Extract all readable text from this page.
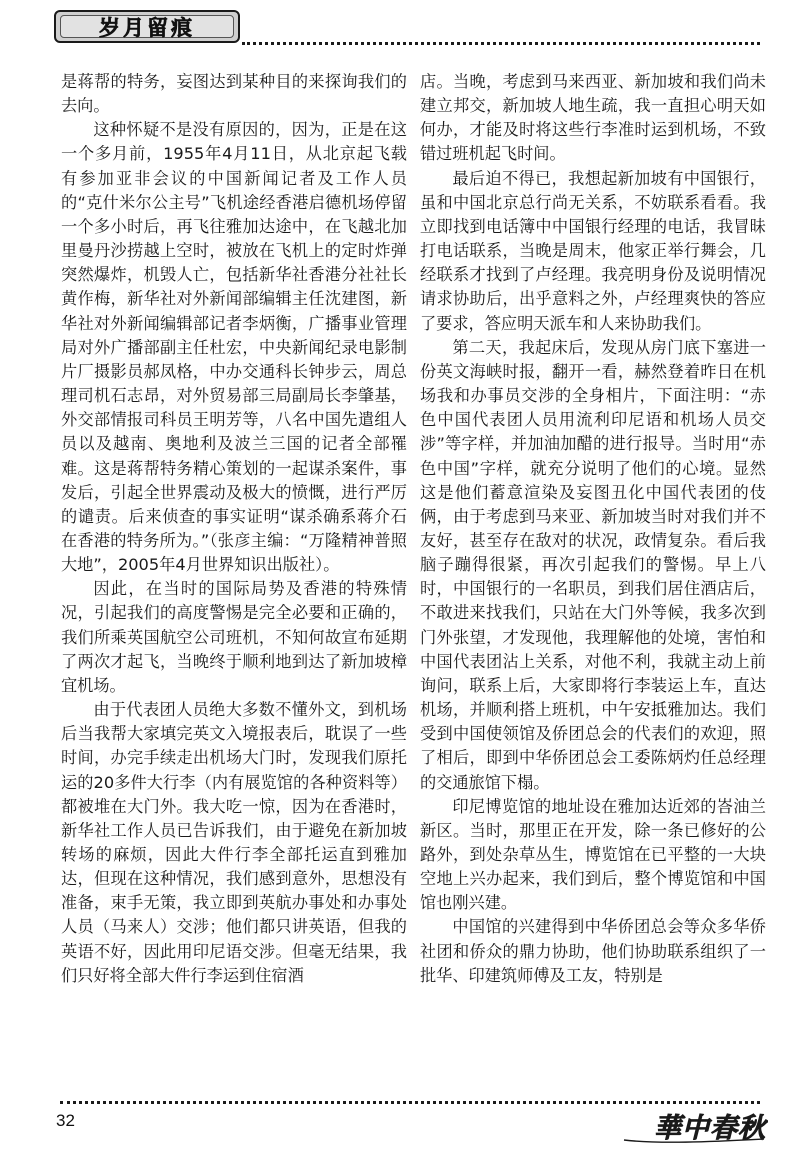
岁月留痕

是蒋帮的特务，妄图达到某种目的来探询我们的去向。

这种怀疑不是没有原因的，因为，正是在这一个多月前，1955年4月11日，从北京起飞载有参加亚非会议的中国新闻记者及工作人员的“克什米尔公主号”飞机途经香港启德机场停留一个多小时后，再飞往雅加达途中，在飞越北加里曼丹沙捞越上空时，被放在飞机上的定时炸弹突然爆炸，机毁人亡，包括新华社香港分社社长黄作梅，新华社对外新闻部编辑主任沈建图，新华社对外新闻编辑部记者李炳衡，广播事业管理局对外广播部副主任杜宏，中央新闻纪录电影制片厂摄影员郝凤格，中办交通科长钟步云，周总理司机石志昂，对外贸易部三局副局长李肇基，外交部情报司科员王明芳等，八名中国先遣组人员以及越南、奥地利及波兰三国的记者全部罹难。这是蒋帮特务精心策划的一起谋杀案件，事发后，引起全世界震动及极大的愤慨，进行严厉的谴责。后来侦查的事实证明“谋杀确系蒋介石在香港的特务所为。”（张彦主编：“万隆精神普照大地”，2005年4月世界知识出版社）。

因此，在当时的国际局势及香港的特殊情况，引起我们的高度警惕是完全必要和正确的，我们所乘英国航空公司班机，不知何故宣布延期了两次才起飞，当晚终于顺利地到达了新加坡樟宜机场。

由于代表团人员绝大多数不懂外文，到机场后当我帮大家填完英文入境报表后，耽误了一些时间，办完手续走出机场大门时，发现我们原托运的20多件大行李（内有展览馆的各种资料等）都被堆在大门外。我大吃一惊，因为在香港时，新华社工作人员已告诉我们，由于避免在新加坡转场的麻烦，因此大件行李全部托运直到雅加达，但现在这种情况，我们感到意外，思想没有准备，束手无策，我立即到英航办事处和办事处人员（马来人）交涉；他们都只讲英语，但我的英语不好，因此用印尼语交涉。但毫无结果，我们只好将全部大件行李运到住宿酒

店。当晚，考虑到马来西亚、新加坡和我们尚未建立邦交，新加坡人地生疏，我一直担心明天如何办，才能及时将这些行李准时运到机场，不致错过班机起飞时间。

最后迫不得已，我想起新加坡有中国银行，虽和中国北京总行尚无关系，不妨联系看看。我立即找到电话簿中中国银行经理的电话，我冒昧打电话联系，当晚是周末，他家正举行舞会，几经联系才找到了卢经理。我亮明身份及说明情况请求协助后，出乎意料之外，卢经理爽快的答应了要求，答应明天派车和人来协助我们。

第二天，我起床后，发现从房门底下塞进一份英文海峡时报，翻开一看，赫然登着昨日在机场我和办事员交涉的全身相片，下面注明：“赤色中国代表团人员用流利印尼语和机场人员交涉”等字样，并加油加醋的进行报导。当时用“赤色中国”字样，就充分说明了他们的心境。显然这是他们蓄意渲染及妄图丑化中国代表团的伎俩，由于考虑到马来亚、新加坡当时对我们并不友好，甚至存在敌对的状况，政情复杂。看后我脑子蹦得很紧，再次引起我们的警惕。早上八时，中国银行的一名职员，到我们居住酒店后，不敢进来找我们，只站在大门外等候，我多次到门外张望，才发现他，我理解他的处境，害怕和中国代表团沾上关系，对他不利，我就主动上前询问，联系上后，大家即将行李装运上车，直达机场，并顺利搭上班机，中午安抵雅加达。我们受到中国使领馆及侨团总会的代表们的欢迎，照了相后，即到中华侨团总会工委陈炳灼任总经理的交通旅馆下榻。

印尼博览馆的地址设在雅加达近郊的峇油兰新区。当时，那里正在开发，除一条已修好的公路外，到处杂草丛生，博览馆在已平整的一大块空地上兴办起来，我们到后，整个博览馆和中国馆也刚兴建。

中国馆的兴建得到中华侨团总会等众多华侨社团和侨众的鼎力协助，他们协助联系组织了一批华、印建筑师傅及工友，特别是

32	華中春秋
